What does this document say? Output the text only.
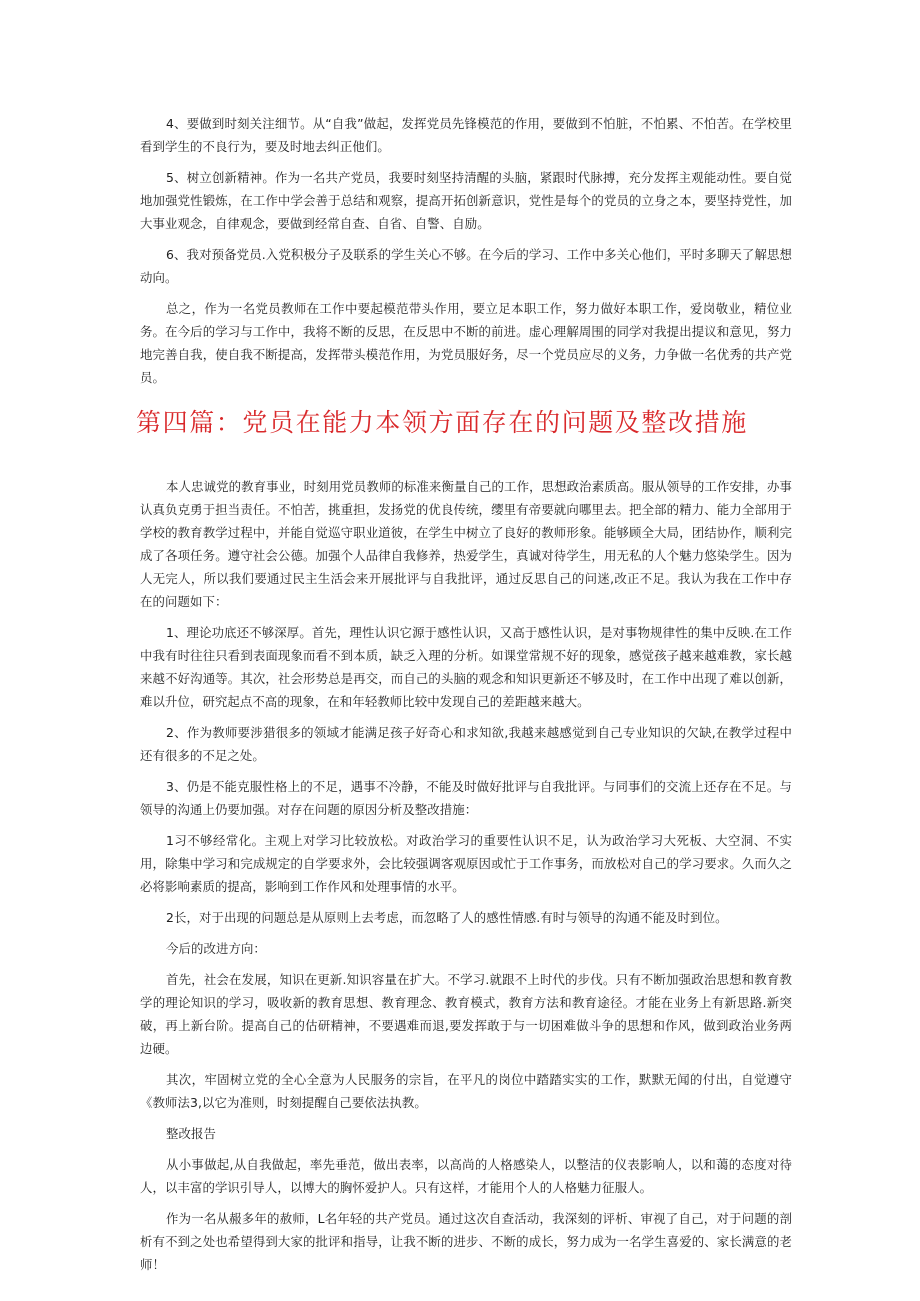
4、要做到时刻关注细节。从“自我”做起，发挥党员先锋模范的作用，要做到不怕脏，不怕累、不怕苦。在学校里看到学生的不良行为，要及时地去纠正他们。

5、树立创新精神。作为一名共产党员，我要时刻坚持清醒的头脑，紧跟时代脉搏，充分发挥主观能动性。要自觉地加强党性锻炼，在工作中学会善于总结和观察，提高开拓创新意识，党性是每个的党员的立身之本，要坚持党性，加大事业观念，自律观念，要做到经常自查、自省、自警、自励。

6、我对预备党员.入党积极分子及联系的学生关心不够。在今后的学习、工作中多关心他们，平时多聊天了解思想动向。

总之，作为一名党员教师在工作中要起模范带头作用，要立足本职工作，努力做好本职工作，爱岗敬业，精位业务。在今后的学习与工作中，我将不断的反思，在反思中不断的前进。虚心理解周围的同学对我提出提议和意见，努力地完善自我，使自我不断提高，发挥带头模范作用，为党员服好务，尽一个党员应尽的义务，力争做一名优秀的共产党员。

第四篇：党员在能力本领方面存在的问题及整改措施

本人忠诚党的教育事业，时刻用党员教师的标准来衡量自己的工作，思想政治素质高。服从领导的工作安排，办事认真负克勇于担当责任。不怕苦，挑重担，发扬党的优良传统，缨里有帝要就向哪里去。把全部的精力、能力全部用于学校的教育教学过程中，并能自觉巡守职业道彼，在学生中树立了良好的教师形象。能够顾全大局，团结协作，顺利完成了各项任务。遵守社会公德。加强个人品律自我修养，热爱学生，真诚对待学生，用无私的人个魅力悠染学生。因为人无完人，所以我们要通过民主生活会来开展批评与自我批评，通过反思自己的问迷,改正不足。我认为我在工作中存在的问题如下：

1、理论功底还不够深厚。首先，理性认识它源于感性认识，又高于感性认识，是对事物规律性的集中反映.在工作中我有时往往只看到表面现象而看不到本质，缺乏入理的分析。如课堂常规不好的现象，感觉孩子越来越难教，家长越来越不好沟通等。其次，社会形势总是再交，而自己的头脑的观念和知识更新还不够及时，在工作中出现了难以创新，难以升位，研究起点不高的现象，在和年轻教师比较中发现自己的差距越来越大。

2、作为教师要涉猎很多的领域才能满足孩子好奇心和求知欲,我越来越感觉到自己专业知识的欠缺,在教学过程中还有很多的不足之处。

3、仍是不能克服性格上的不足，遇事不冷静，不能及时做好批评与自我批评。与同事们的交流上还存在不足。与领导的沟通上仍要加强。对存在问题的原因分析及整改措施：

1习不够经常化。主观上对学习比较放松。对政治学习的重要性认识不足，认为政治学习大死板、大空洞、不实用，除集中学习和完成规定的自学要求外，会比较强调客观原因或忙于工作事务，而放松对自己的学习要求。久而久之必将影响素质的提高，影响到工作作风和处理事情的水平。

2长，对于出现的问题总是从原则上去考虑，而忽略了人的感性情感.有时与领导的沟通不能及时到位。

今后的改进方向：

首先，社会在发展，知识在更新.知识容量在扩大。不学习.就跟不上时代的步伐。只有不断加强政治思想和教育教学的理论知识的学习，吸收新的教育思想、教育理念、教育模式，教育方法和教育途径。才能在业务上有新思路.新突破，再上新台阶。提高自己的估研精神，不要遇难而退,要发挥敢于与一切困难做斗争的思想和作风，做到政治业务两边硬。

其次，牢固树立党的全心全意为人民服务的宗旨，在平凡的岗位中踏踏实实的工作，默默无闻的付出，自觉遵守《教师法3,以它为准则，时刻提醒自己要依法执教。

整改报告

从小事做起,从自我做起，率先垂范，做出表率，以高尚的人格感染人，以整洁的仪表影响人，以和蔼的态度对待人，以丰富的学识引导人，以博大的胸怀爱护人。只有这样，才能用个人的人格魅力征服人。

作为一名从赧多年的赦师，L名年轻的共产党员。通过这次自查活动，我深刻的评析、审视了自己，对于问题的剖析有不到之处也希望得到大家的批评和指导，让我不断的进步、不断的成长，努力成为一名学生喜爱的、家长满意的老师！
